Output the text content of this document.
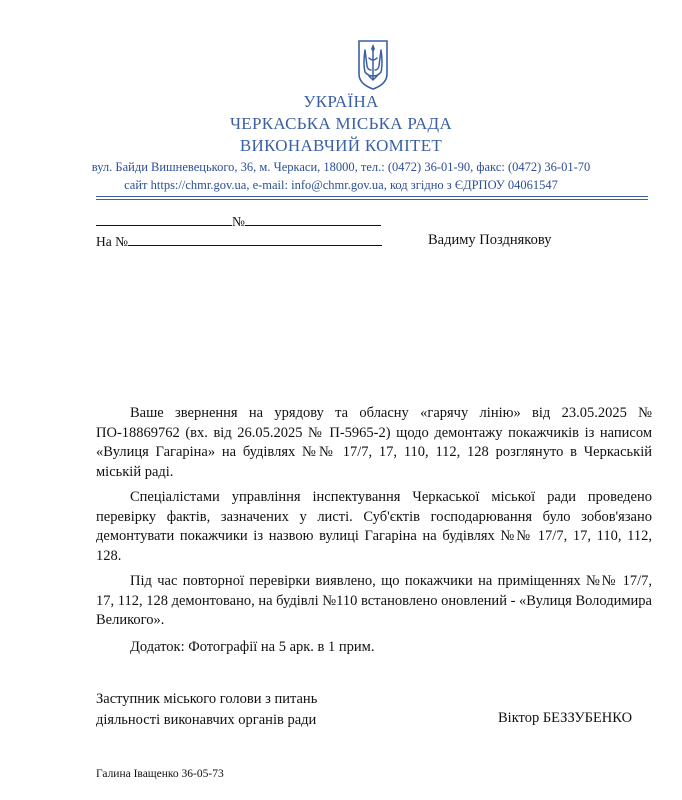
УКРАЇНА
ЧЕРКАСЬКА МІСЬКА РАДА
ВИКОНАВЧИЙ КОМІТЕТ
вул. Байди Вишневецького, 36, м. Черкаси, 18000, тел.: (0472) 36-01-90, факс: (0472) 36-01-70
сайт https://chmr.gov.ua, e-mail: info@chmr.gov.ua, код згідно з ЄДРПОУ 04061547
№
На №	Вадиму Позднякову

Ваше звернення на урядову та обласну «гарячу лінію» від 23.05.2025 № ПО-18869762 (вх. від 26.05.2025 № П-5965-2) щодо демонтажу покажчиків із написом «Вулиця Гагаріна» на будівлях №№ 17/7, 17, 110, 112, 128 розглянуто в Черкаській міській раді.

Спеціалістами управління інспектування Черкаської міської ради проведено перевірку фактів, зазначених у листі. Суб'єктів господарювання було зобов'язано демонтувати покажчики із назвою вулиці Гагаріна на будівлях №№ 17/7, 17, 110, 112, 128.

Під час повторної перевірки виявлено, що покажчики на приміщеннях №№ 17/7, 17, 112, 128 демонтовано, на будівлі №110 встановлено оновлений - «Вулиця Володимира Великого».

Додаток: Фотографії на 5 арк. в 1 прим.
Заступник міського голови з питань
діяльності виконавчих органів ради	Віктор БЕЗЗУБЕНКО
Галина Іващенко 36-05-73
